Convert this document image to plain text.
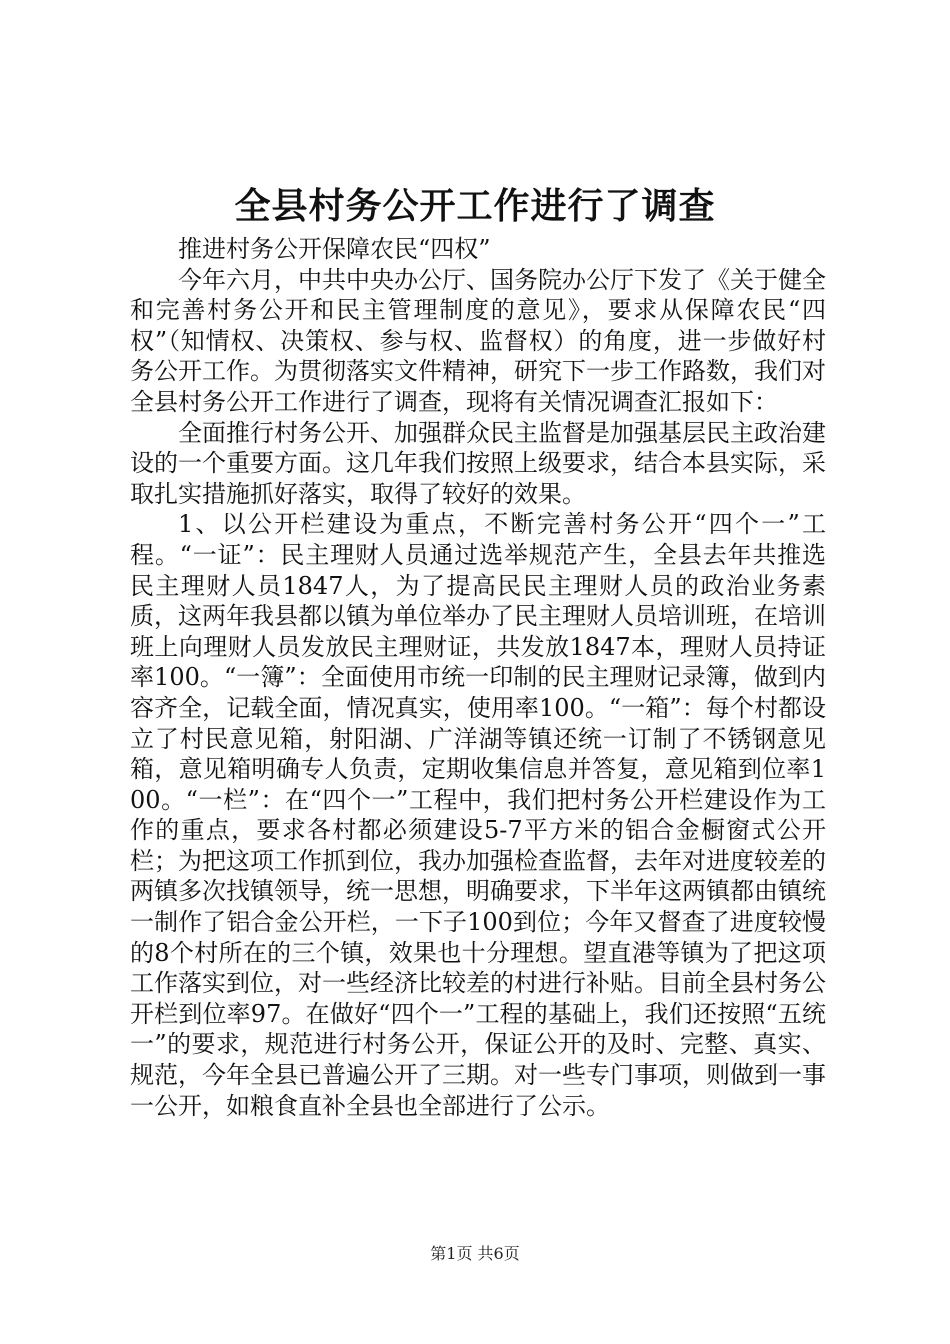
全县村务公开工作进行了调查

推进村务公开保障农民“四权”

今年六月，中共中央办公厅、国务院办公厅下发了《关于健全和完善村务公开和民主管理制度的意见》，要求从保障农民“四权”（知情权、决策权、参与权、监督权）的角度，进一步做好村务公开工作。为贯彻落实文件精神，研究下一步工作路数，我们对全县村务公开工作进行了调查，现将有关情况调查汇报如下：

全面推行村务公开、加强群众民主监督是加强基层民主政治建设的一个重要方面。这几年我们按照上级要求，结合本县实际，采取扎实措施抓好落实，取得了较好的效果。

1、以公开栏建设为重点，不断完善村务公开“四个一”工程。“一证”：民主理财人员通过选举规范产生，全县去年共推选民主理财人员1847人，为了提高民民主理财人员的政治业务素质，这两年我县都以镇为单位举办了民主理财人员培训班，在培训班上向理财人员发放民主理财证，共发放1847本，理财人员持证率100。“一簿”：全面使用市统一印制的民主理财记录簿，做到内容齐全，记载全面，情况真实，使用率100。“一箱”：每个村都设立了村民意见箱，射阳湖、广洋湖等镇还统一订制了不锈钢意见箱，意见箱明确专人负责，定期收集信息并答复，意见箱到位率100。“一栏”：在“四个一”工程中，我们把村务公开栏建设作为工作的重点，要求各村都必须建设5-7平方米的铝合金橱窗式公开栏；为把这项工作抓到位，我办加强检查监督，去年对进度较差的两镇多次找镇领导，统一思想，明确要求，下半年这两镇都由镇统一制作了铝合金公开栏，一下子100到位；今年又督查了进度较慢的8个村所在的三个镇，效果也十分理想。望直港等镇为了把这项工作落实到位，对一些经济比较差的村进行补贴。目前全县村务公开栏到位率97。在做好“四个一”工程的基础上，我们还按照“五统一”的要求，规范进行村务公开，保证公开的及时、完整、真实、规范，今年全县已普遍公开了三期。对一些专门事项，则做到一事一公开，如粮食直补全县也全部进行了公示。

第1页 共6页
